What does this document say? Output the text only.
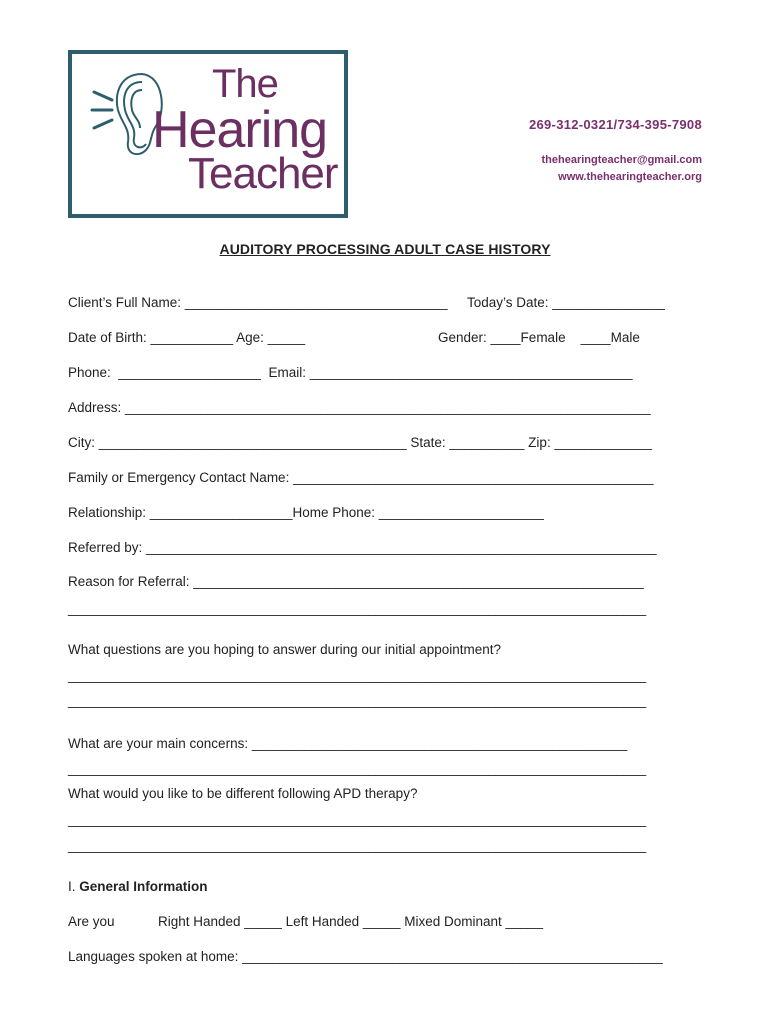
The
Hearing
Teacher
269-312-0321/734-395-7908
thehearingteacher@gmail.com
www.thehearingteacher.org
AUDITORY PROCESSING ADULT CASE HISTORY
Client’s Full Name: ___________________________________ Today’s Date: _______________
Date of Birth: ___________ Age: _____	Gender: ____Female    ____Male
Phone:  ___________________  Email: ___________________________________________
Address: ______________________________________________________________________
City: _________________________________________ State: __________ Zip: _____________
Family or Emergency Contact Name: ________________________________________________
Relationship: ___________________Home Phone: ______________________
Referred by: ____________________________________________________________________
Reason for Referral: ____________________________________________________________
_____________________________________________________________________________
What questions are you hoping to answer during our initial appointment?
_____________________________________________________________________________
_____________________________________________________________________________
What are your main concerns: __________________________________________________
_____________________________________________________________________________
What would you like to be different following APD therapy?
_____________________________________________________________________________
_____________________________________________________________________________
I. General Information
Are you	Right Handed _____ Left Handed _____ Mixed Dominant _____
Languages spoken at home: ________________________________________________________
